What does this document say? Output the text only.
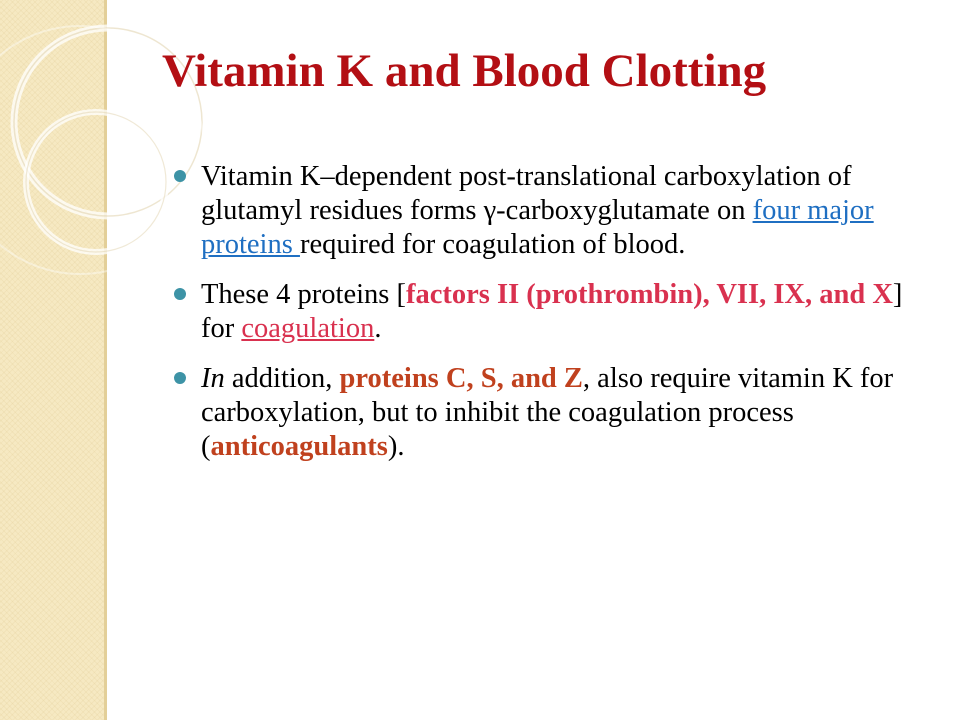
Vitamin K and Blood Clotting
Vitamin K–dependent post-translational carboxylation of glutamyl residues forms γ-carboxyglutamate on four major proteins required for coagulation of blood.
These 4 proteins [factors II (prothrombin), VII, IX, and X] for coagulation.
In addition, proteins C, S, and Z, also require vitamin K for carboxylation, but to inhibit the coagulation process (anticoagulants).
